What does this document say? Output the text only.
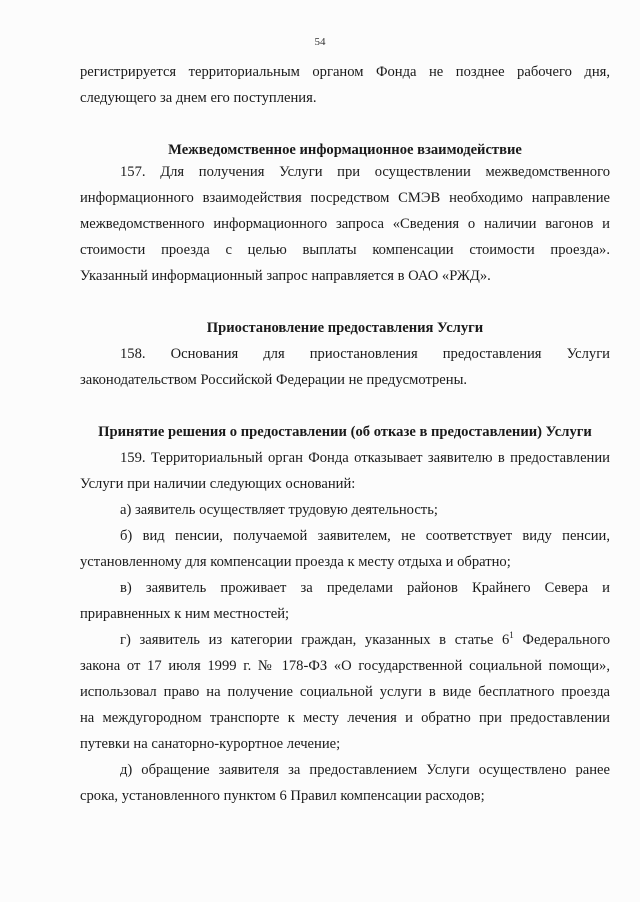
54
регистрируется территориальным органом Фонда не позднее рабочего дня,
следующего за днем его поступления.
Межведомственное информационное взаимодействие
157. Для получения Услуги при осуществлении межведомственного
информационного взаимодействия посредством СМЭВ необходимо направление
межведомственного информационного запроса «Сведения о наличии вагонов и
стоимости проезда с целью выплаты компенсации стоимости проезда».
Указанный информационный запрос направляется в ОАО «РЖД».
Приостановление предоставления Услуги
158. Основания для приостановления предоставления Услуги
законодательством Российской Федерации не предусмотрены.
Принятие решения о предоставлении (об отказе в предоставлении) Услуги
159. Территориальный орган Фонда отказывает заявителю в предоставлении
Услуги при наличии следующих оснований:
а) заявитель осуществляет трудовую деятельность;
б) вид пенсии, получаемой заявителем, не соответствует виду пенсии,
установленному для компенсации проезда к месту отдыха и обратно;
в) заявитель проживает за пределами районов Крайнего Севера и
приравненных к ним местностей;
г) заявитель из категории граждан, указанных в статье $6^1$ Федерального
закона от 17 июля 1999 г. № 178-ФЗ «О государственной социальной помощи»,
использовал право на получение социальной услуги в виде бесплатного проезда
на междугородном транспорте к месту лечения и обратно при предоставлении
путевки на санаторно-курортное лечение;
д) обращение заявителя за предоставлением Услуги осуществлено ранее
срока, установленного пунктом 6 Правил компенсации расходов;
